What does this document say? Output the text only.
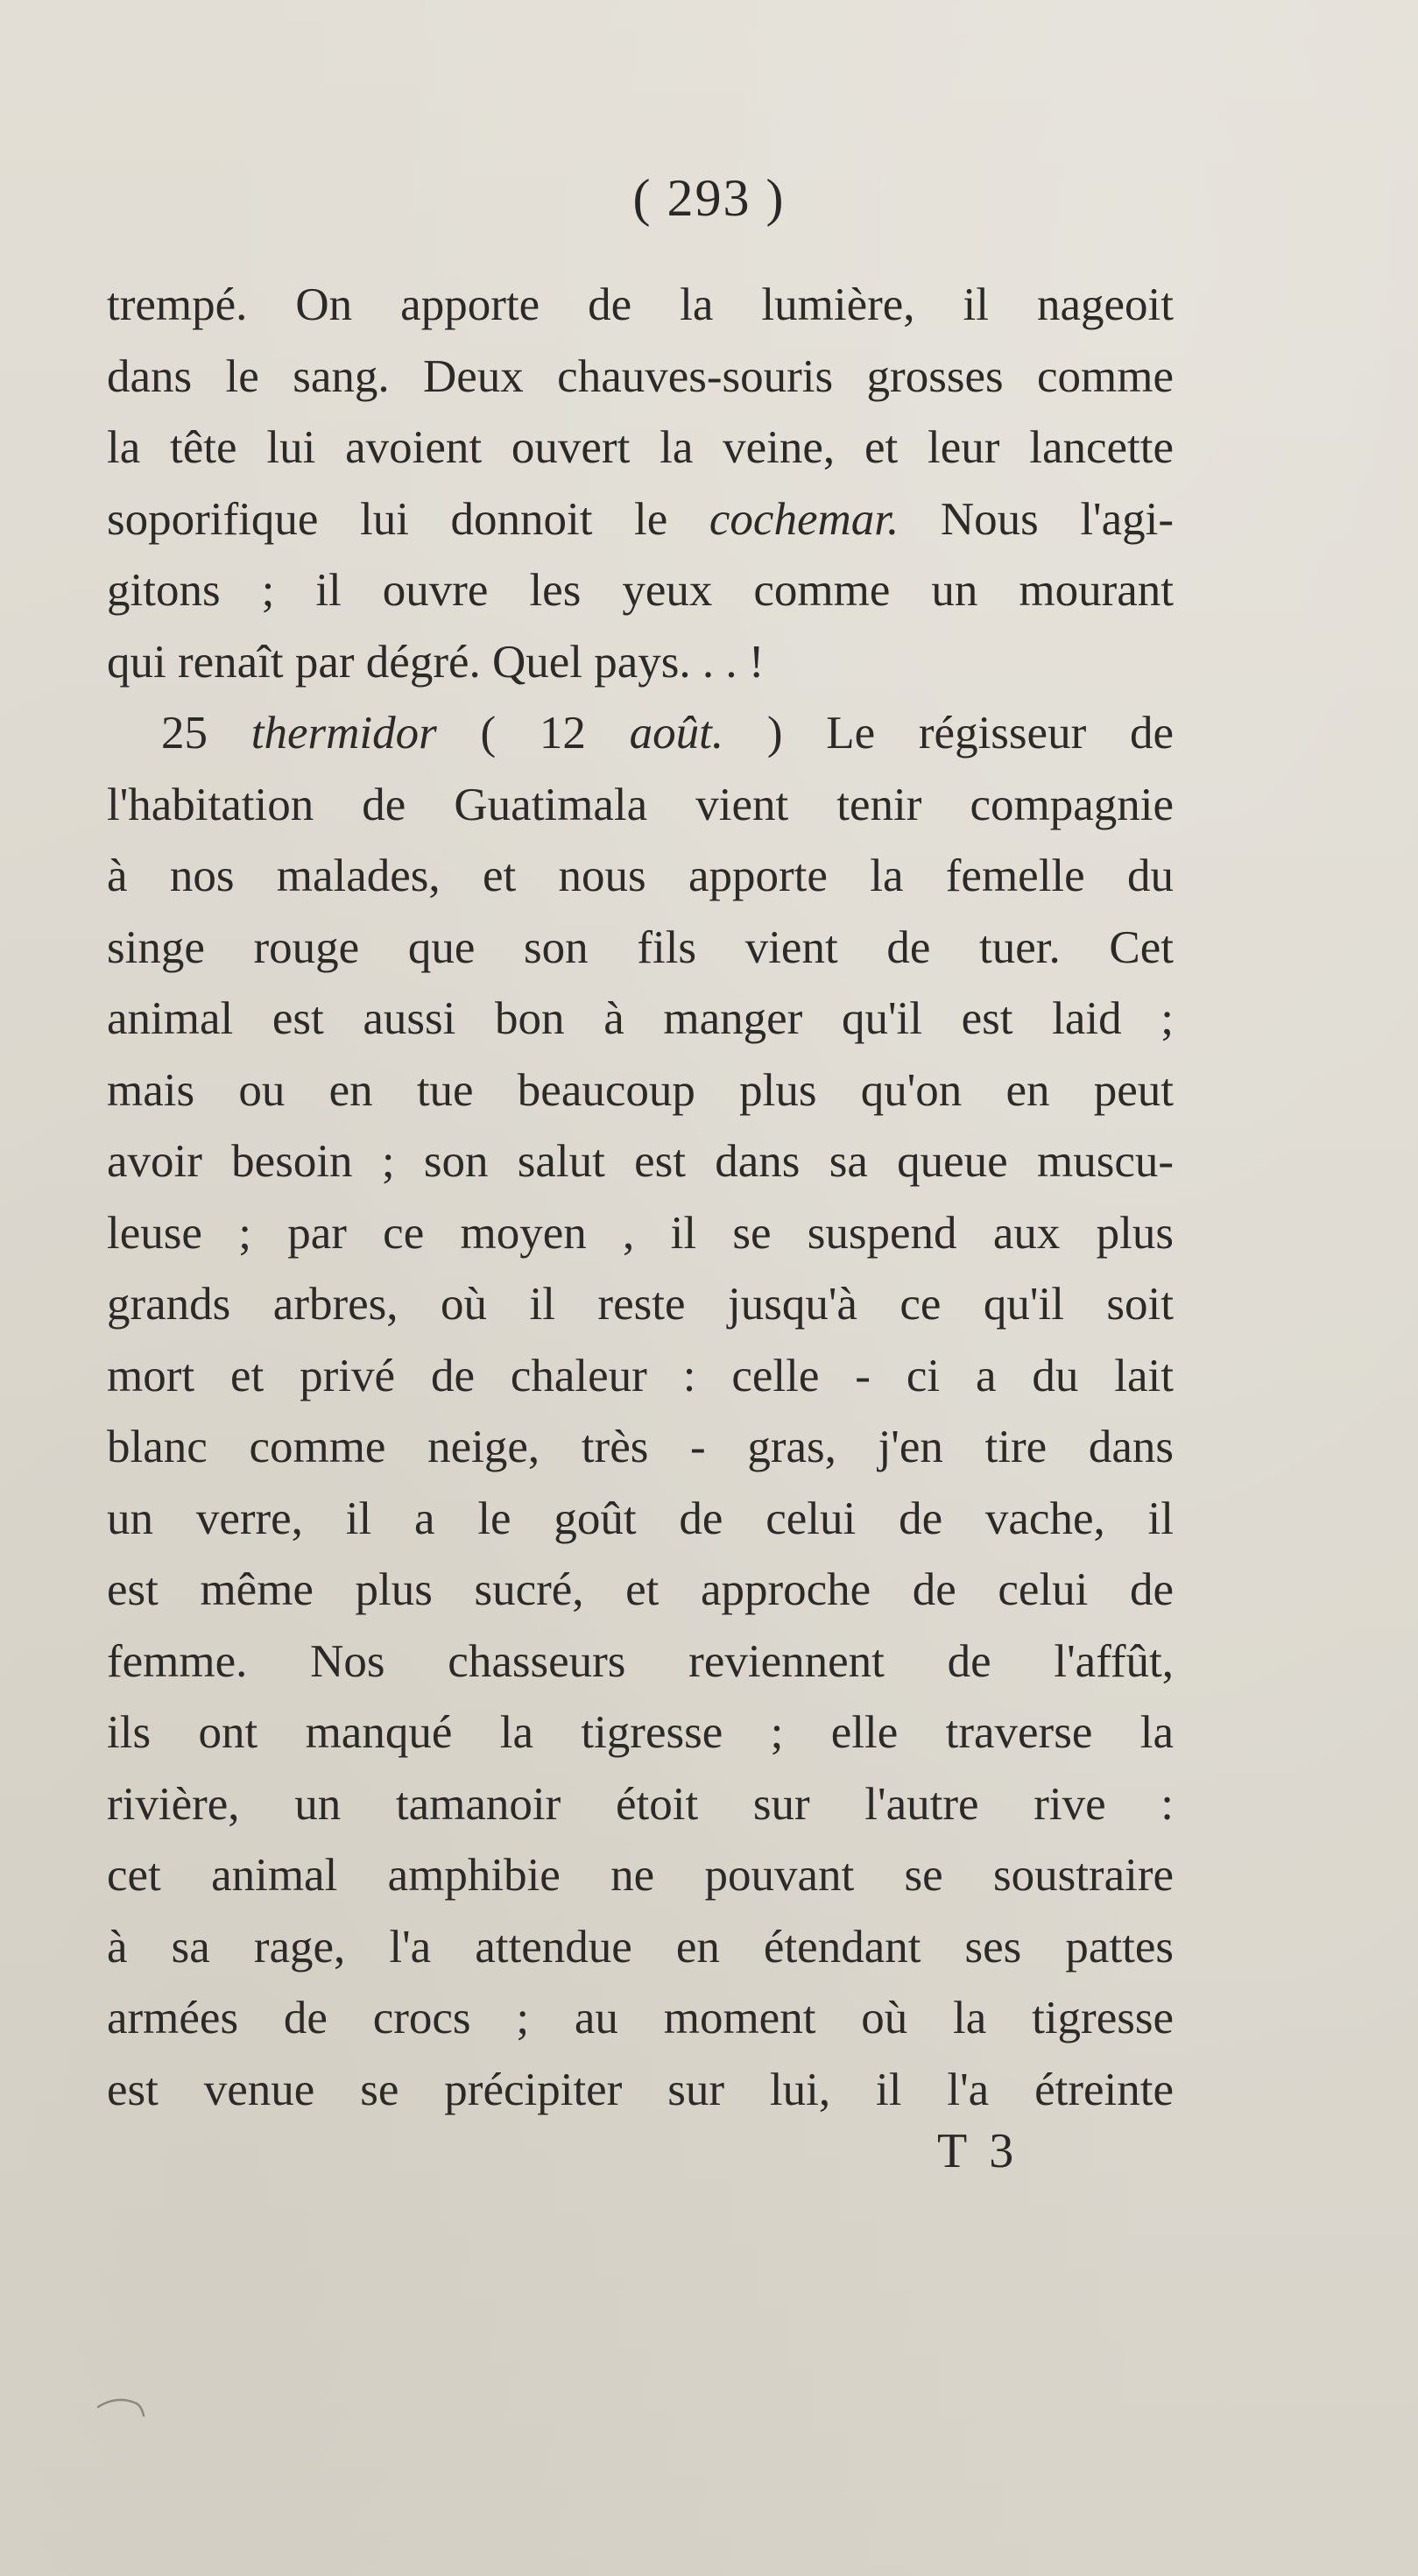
( 293 )
trempé. On apporte de la lumière, il nageoit
dans le sang. Deux chauves-souris grosses comme
la tête lui avoient ouvert la veine, et leur lancette
soporifique lui donnoit le cochemar. Nous l'agi-
gitons ; il ouvre les yeux comme un mourant
qui renaît par dégré. Quel pays. . . !
25 thermidor ( 12 août. ) Le régisseur de
l'habitation de Guatimala vient tenir compagnie
à nos malades, et nous apporte la femelle du
singe rouge que son fils vient de tuer. Cet
animal est aussi bon à manger qu'il est laid ;
mais ou en tue beaucoup plus qu'on en peut
avoir besoin ; son salut est dans sa queue muscu-
leuse ; par ce moyen , il se suspend aux plus
grands arbres, où il reste jusqu'à ce qu'il soit
mort et privé de chaleur : celle - ci a du lait
blanc comme neige, très - gras, j'en tire dans
un verre, il a le goût de celui de vache, il
est même plus sucré, et approche de celui de
femme. Nos chasseurs reviennent de l'affût,
ils ont manqué la tigresse ; elle traverse la
rivière, un tamanoir étoit sur l'autre rive :
cet animal amphibie ne pouvant se soustraire
à sa rage, l'a attendue en étendant ses pattes
armées de crocs ; au moment où la tigresse
est venue se précipiter sur lui, il l'a étreinte
T 3
